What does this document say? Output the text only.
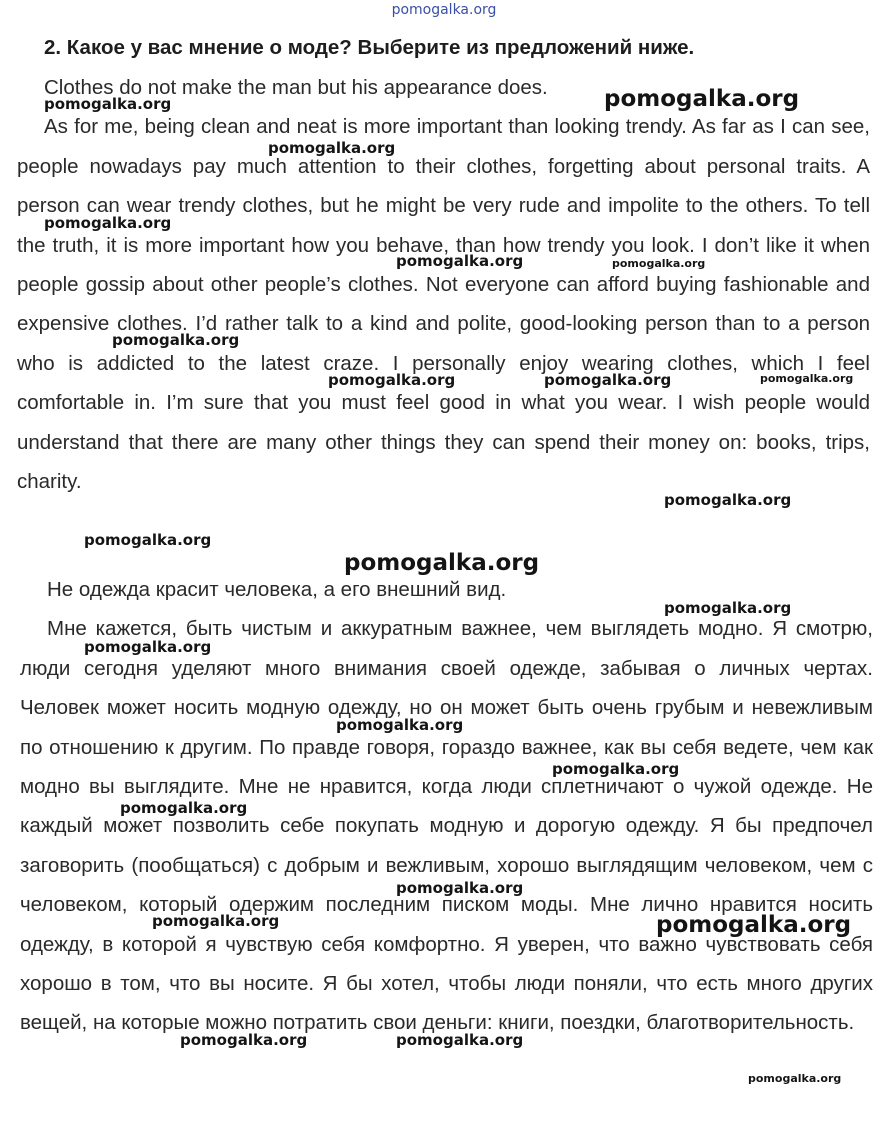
pomogalka.org
2. Какое у вас мнение о моде? Выберите из предложений ниже.

Clothes do not make the man but his appearance does.

As for me, being clean and neat is more important than looking trendy. As far as I can see, people nowadays pay much attention to their clothes, forgetting about personal traits. A person can wear trendy clothes, but he might be very rude and impolite to the others. To tell the truth, it is more important how you behave, than how trendy you look. I don’t like it when people gossip about other people’s clothes. Not everyone can afford buying fashionable and expensive clothes. I’d rather talk to a kind and polite, good-looking person than to a person who is addicted to the latest craze. I personally enjoy wearing clothes, which I feel comfortable in. I’m sure that you must feel good in what you wear. I wish people would understand that there are many other things they can spend their money on: books, trips, charity.

Не одежда красит человека, а его внешний вид.

Мне кажется, быть чистым и аккуратным важнее, чем выглядеть модно. Я смотрю, люди сегодня уделяют много внимания своей одежде, забывая о личных чертах. Человек может носить модную одежду, но он может быть очень грубым и невежливым по отношению к другим. По правде говоря, гораздо важнее, как вы себя ведете, чем как модно вы выглядите. Мне не нравится, когда люди сплетничают о чужой одежде. Не каждый может позволить себе покупать модную и дорогую одежду. Я бы предпочел заговорить (пообщаться) с добрым и вежливым, хорошо выглядящим человеком, чем с человеком, который одержим последним писком моды. Мне лично нравится носить одежду, в которой я чувствую себя комфортно. Я уверен, что важно чувствовать себя хорошо в том, что вы носите. Я бы хотел, чтобы люди поняли, что есть много других вещей, на которые можно потратить свои деньги: книги, поездки, благотворительность.

pomogalka.org	pomogalka.org
pomogalka.org
pomogalka.org
pomogalka.org	pomogalka.org
pomogalka.org
pomogalka.org	pomogalka.org	pomogalka.org
pomogalka.org
pomogalka.org
pomogalka.org
pomogalka.org
pomogalka.org
pomogalka.org
pomogalka.org
pomogalka.org
pomogalka.org
pomogalka.org	pomogalka.org
pomogalka.org	pomogalka.org
pomogalka.org
